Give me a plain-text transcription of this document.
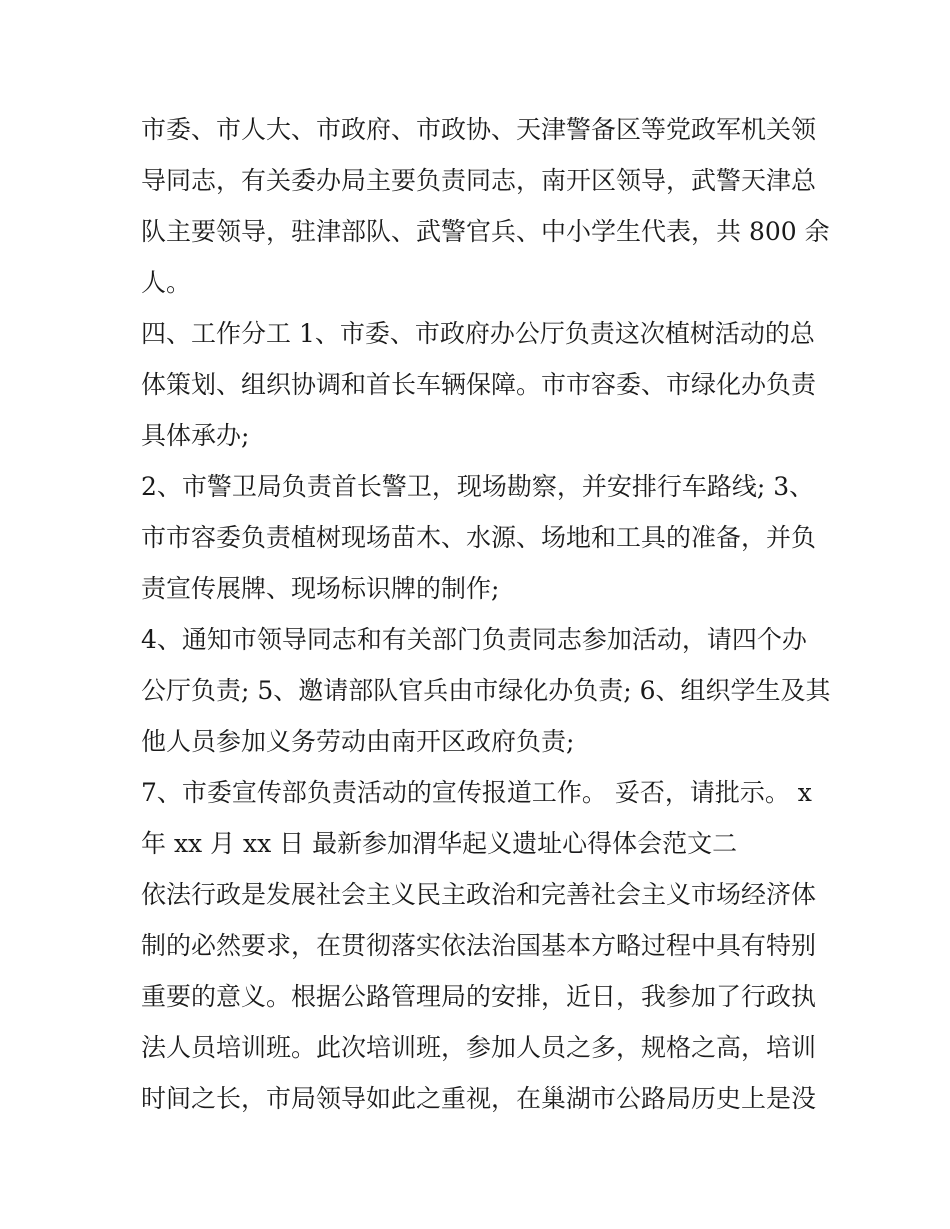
市委、市人大、市政府、市政协、天津警备区等党政军机关领
导同志，有关委办局主要负责同志，南开区领导，武警天津总
队主要领导，驻津部队、武警官兵、中小学生代表，共 800 余
人。
四、工作分工 1、市委、市政府办公厅负责这次植树活动的总
体策划、组织协调和首长车辆保障。市市容委、市绿化办负责
具体承办;
2、市警卫局负责首长警卫，现场勘察，并安排行车路线; 3、
市市容委负责植树现场苗木、水源、场地和工具的准备，并负
责宣传展牌、现场标识牌的制作;
4、通知市领导同志和有关部门负责同志参加活动，请四个办
公厅负责; 5、邀请部队官兵由市绿化办负责; 6、组织学生及其
他人员参加义务劳动由南开区政府负责;
7、市委宣传部负责活动的宣传报道工作。 妥否，请批示。 x
年 xx 月 xx 日 最新参加渭华起义遗址心得体会范文二
依法行政是发展社会主义民主政治和完善社会主义市场经济体
制的必然要求，在贯彻落实依法治国基本方略过程中具有特别
重要的意义。根据公路管理局的安排，近日，我参加了行政执
法人员培训班。此次培训班，参加人员之多，规格之高，培训
时间之长，市局领导如此之重视，在巢湖市公路局历史上是没
